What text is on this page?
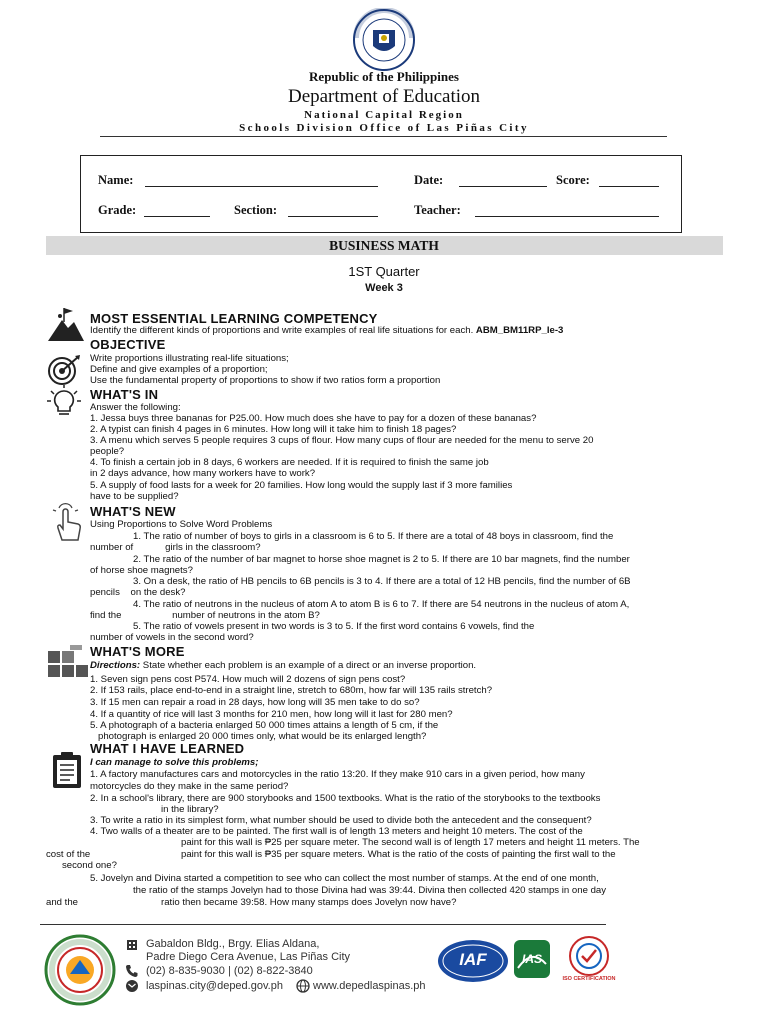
Republic of the Philippines
Department of Education
National Capital Region
Schools Division Office of Las Piñas City
Name:	Date:	Score:
Grade:	Section:	Teacher:
BUSINESS MATH
1ST Quarter
Week 3
MOST ESSENTIAL LEARNING COMPETENCY
Identify the different kinds of proportions and write examples of real life situations for each. ABM_BM11RP_Ie-3
OBJECTIVE
Write proportions illustrating real-life situations;
Define and give examples of a proportion;
Use the fundamental property of proportions to show if two ratios form a proportion
WHAT'S IN
Answer the following:
1. Jessa buys three bananas for P25.00. How much does she have to pay for a dozen of these bananas?
2. A typist can finish 4 pages in 6 minutes. How long will it take him to finish 18 pages?
3. A menu which serves 5 people requires 3 cups of flour. How many cups of flour are needed for the menu to serve 20
people?
4. To finish a certain job in 8 days, 6 workers are needed. If it is required to finish the same job
in 2 days advance, how many workers have to work?
5. A supply of food lasts for a week for 20 families. How long would the supply last if 3 more families
have to be supplied?
WHAT'S NEW
Using Proportions to Solve Word Problems
1. The ratio of number of boys to girls in a classroom is 6 to 5. If there are a total of 48 boys in classroom, find the
number of            girls in the classroom?
2. The ratio of the number of bar magnet to horse shoe magnet is 2 to 5. If there are 10 bar magnets, find the number
of horse shoe magnets?
3. On a desk, the ratio of HB pencils to 6B pencils is 3 to 4. If there are a total of 12 HB pencils, find the number of 6B
pencils    on the desk?
4. The ratio of neutrons in the nucleus of atom A to atom B is 6 to 7. If there are 54 neutrons in the nucleus of atom A,
find the                   number of neutrons in the atom B?
5. The ratio of vowels present in two words is 3 to 5. If the first word contains 6 vowels, find the
number of vowels in the second word?
WHAT'S MORE
Directions: State whether each problem is an example of a direct or an inverse proportion.
1. Seven sign pens cost P574. How much will 2 dozens of sign pens cost?
2. If 153 rails, place end-to-end in a straight line, stretch to 680m, how far will 135 rails stretch?
3. If 15 men can repair a road in 28 days, how long will 35 men take to do so?
4. If a quantity of rice will last 3 months for 210 men, how long will it last for 280 men?
5. A photograph of a bacteria enlarged 50 000 times attains a length of 5 cm, if the
photograph is enlarged 20 000 times only, what would be its enlarged length?
WHAT I HAVE LEARNED
I can manage to solve this problems;
1. A factory manufactures cars and motorcycles in the ratio 13:20. If they make 910 cars in a given period, how many
motorcycles do they make in the same period?
2. In a school's library, there are 900 storybooks and 1500 textbooks. What is the ratio of the storybooks to the textbooks
in the library?
3. To write a ratio in its simplest form, what number should be used to divide both the antecedent and the consequent?
4. Two walls of a theater are to be painted. The first wall is of length 13 meters and height 10 meters. The cost of the
paint for this wall is ₱25 per square meter. The second wall is of length 17 meters and height 11 meters. The
cost of the	paint for this wall is ₱35 per square meters. What is the ratio of the costs of painting the first wall to the
second one?
5. Jovelyn and Divina started a competition to see who can collect the most number of stamps. At the end of one month,
the ratio of the stamps Jovelyn had to those Divina had was 39:44. Divina then collected 420 stamps in one day
and the	ratio then became 39:58. How many stamps does Jovelyn now have?
Gabaldon Bldg., Brgy. Elias Aldana,
Padre Diego Cera Avenue, Las Piñas City
(02) 8-835-9030 | (02) 8-822-3840
laspinas.city@deped.gov.ph	www.depedlaspinas.ph
IAF	IAS
ISO CERTIFICATION
